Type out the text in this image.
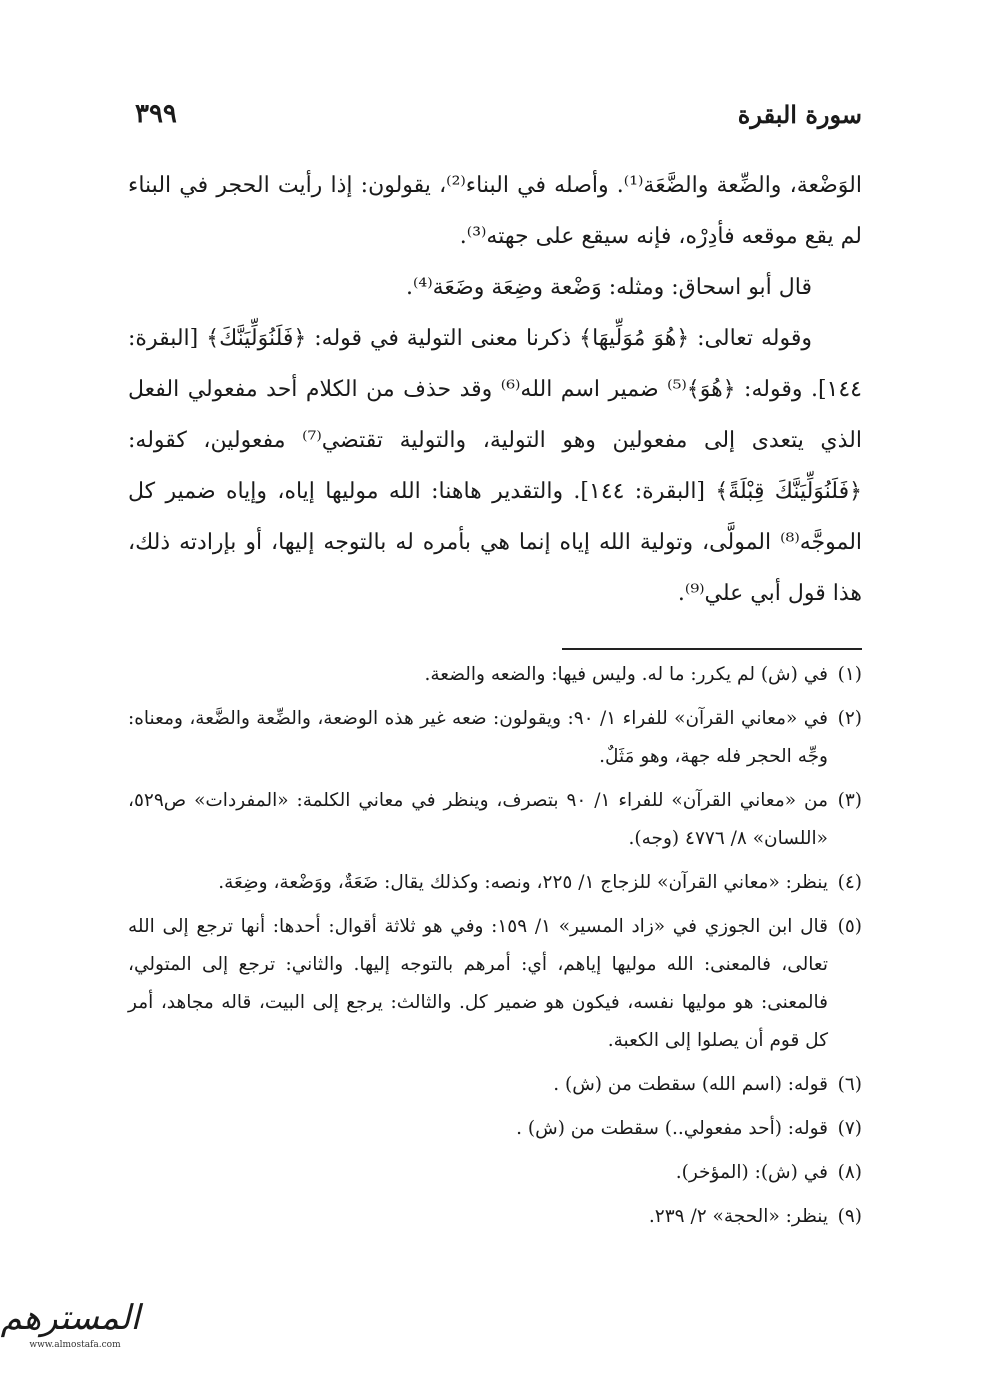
سورة البقرة
٣٩٩

الوَضْعة، والضِّعة والضَّعَة⁽¹⁾. وأصله في البناء⁽²⁾، يقولون: إذا رأيت الحجر في البناء لم يقع موقعه فأدِرْه، فإنه سيقع على جهته⁽³⁾.

قال أبو اسحاق: ومثله: وَضْعة وضِعَة وضَعَة⁽⁴⁾.

وقوله تعالى: ﴿هُوَ مُوَلِّيهَا﴾ ذكرنا معنى التولية في قوله: ﴿فَلَنُوَلِّيَنَّكَ﴾ [البقرة: ١٤٤]. وقوله: ﴿هُوَ﴾⁽⁵⁾ ضمير اسم الله⁽⁶⁾ وقد حذف من الكلام أحد مفعولي الفعل الذي يتعدى إلى مفعولين وهو التولية، والتولية تقتضي⁽⁷⁾ مفعولين، كقوله: ﴿فَلَنُوَلِّيَنَّكَ قِبْلَةً﴾ [البقرة: ١٤٤]. والتقدير هاهنا: الله موليها إياه، وإياه ضمير كل الموجَّه⁽⁸⁾ المولَّى، وتولية الله إياه إنما هي بأمره له بالتوجه إليها، أو بإرادته ذلك، هذا قول أبي علي⁽⁹⁾.

(١)
في (ش) لم يكرر: ما له. وليس فيها: والضعه والضعة.
(٢)
في «معاني القرآن» للفراء ١/ ٩٠: ويقولون: ضعه غير هذه الوضعة، والضِّعة والضَّعة، ومعناه: وجِّه الحجر فله جهة، وهو مَثَلٌ.
(٣)
من «معاني القرآن» للفراء ١/ ٩٠ بتصرف، وينظر في معاني الكلمة: «المفردات» ص٥٢٩، «اللسان» ٨/ ٤٧٧٦ (وجه).
(٤)
ينظر: «معاني القرآن» للزجاج ١/ ٢٢٥، ونصه: وكذلك يقال: ضَعَةٌ، ووَضْعة، وضِعَة.
(٥)
قال ابن الجوزي في «زاد المسير» ١/ ١٥٩: وفي هو ثلاثة أقوال: أحدها: أنها ترجع إلى الله تعالى، فالمعنى: الله موليها إياهم، أي: أمرهم بالتوجه إليها. والثاني: ترجع إلى المتولي، فالمعنى: هو موليها نفسه، فيكون هو ضمير كل. والثالث: يرجع إلى البيت، قاله مجاهد، أمر كل قوم أن يصلوا إلى الكعبة.
(٦)
قوله: (اسم الله) سقطت من (ش) .
(٧)
قوله: (أحد مفعولي..) سقطت من (ش) .
(٨)
في (ش): (المؤخر).
(٩)
ينظر: «الحجة» ٢/ ٢٣٩.
المسترهم
www.almostafa.com
